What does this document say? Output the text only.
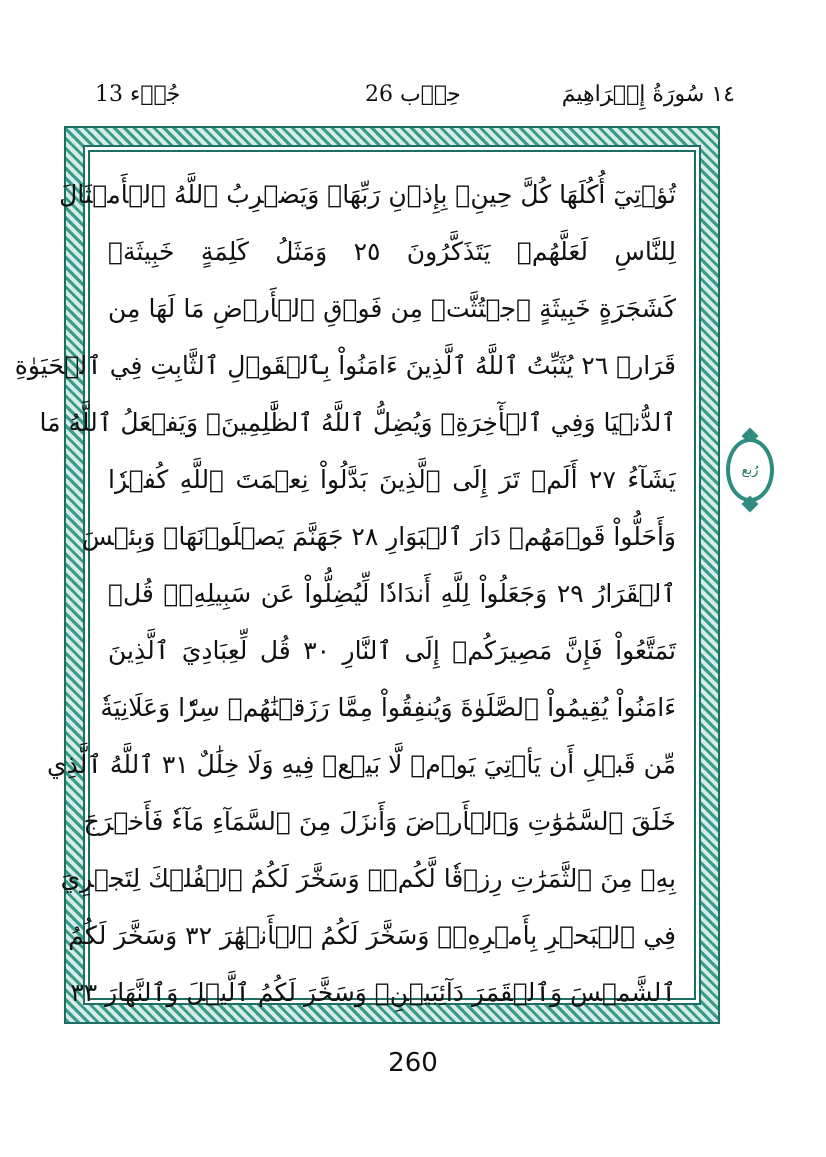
جُزۡء 13	حِزۡب 26	١٤ سُورَةُ إِبۡرَاهِيمَ
تُؤۡتِيٓ أُكُلَهَا كُلَّ حِينِۢ بِإِذۡنِ رَبِّهَاۗ وَيَضۡرِبُ ٱللَّهُ ٱلۡأَمۡثَالَ
لِلنَّاسِ لَعَلَّهُمۡ يَتَذَكَّرُونَ ٢٥ وَمَثَلُ كَلِمَةٍ خَبِيثَةٖ
كَشَجَرَةٍ خَبِيثَةٍ ٱجۡتُثَّتۡ مِن فَوۡقِ ٱلۡأَرۡضِ مَا لَهَا مِن
قَرَارٖ ٢٦ يُثَبِّتُ ٱللَّهُ ٱلَّذِينَ ءَامَنُواْ بِٱلۡقَوۡلِ ٱلثَّابِتِ فِي ٱلۡحَيَوٰةِ
ٱلدُّنۡيَا وَفِي ٱلۡأٓخِرَةِۖ وَيُضِلُّ ٱللَّهُ ٱلظَّٰلِمِينَۚ وَيَفۡعَلُ ٱللَّهُ مَا
يَشَآءُ ٢٧ أَلَمۡ تَرَ إِلَى ٱلَّذِينَ بَدَّلُواْ نِعۡمَتَ ٱللَّهِ كُفۡرٗا
وَأَحَلُّواْ قَوۡمَهُمۡ دَارَ ٱلۡبَوَارِ ٢٨ جَهَنَّمَ يَصۡلَوۡنَهَاۖ وَبِئۡسَ
ٱلۡقَرَارُ ٢٩ وَجَعَلُواْ لِلَّهِ أَندَادٗا لِّيُضِلُّواْ عَن سَبِيلِهِۦۗ قُلۡ
تَمَتَّعُواْ فَإِنَّ مَصِيرَكُمۡ إِلَى ٱلنَّارِ ٣٠ قُل لِّعِبَادِيَ ٱلَّذِينَ
ءَامَنُواْ يُقِيمُواْ ٱلصَّلَوٰةَ وَيُنفِقُواْ مِمَّا رَزَقۡنَٰهُمۡ سِرّٗا وَعَلَانِيَةٗ
مِّن قَبۡلِ أَن يَأۡتِيَ يَوۡمٞ لَّا بَيۡعٞ فِيهِ وَلَا خِلَٰلٌ ٣١ ٱللَّهُ ٱلَّذِي
خَلَقَ ٱلسَّمَٰوَٰتِ وَٱلۡأَرۡضَ وَأَنزَلَ مِنَ ٱلسَّمَآءِ مَآءٗ فَأَخۡرَجَ
بِهِۦ مِنَ ٱلثَّمَرَٰتِ رِزۡقٗا لَّكُمۡۖ وَسَخَّرَ لَكُمُ ٱلۡفُلۡكَ لِتَجۡرِيَ
فِي ٱلۡبَحۡرِ بِأَمۡرِهِۦۖ وَسَخَّرَ لَكُمُ ٱلۡأَنۡهَٰرَ ٣٢ وَسَخَّرَ لَكُمُ
ٱلشَّمۡسَ وَٱلۡقَمَرَ دَآئِبَيۡنِۖ وَسَخَّرَ لَكُمُ ٱلَّيۡلَ وَٱلنَّهَارَ ٣٣
رُبع
260
